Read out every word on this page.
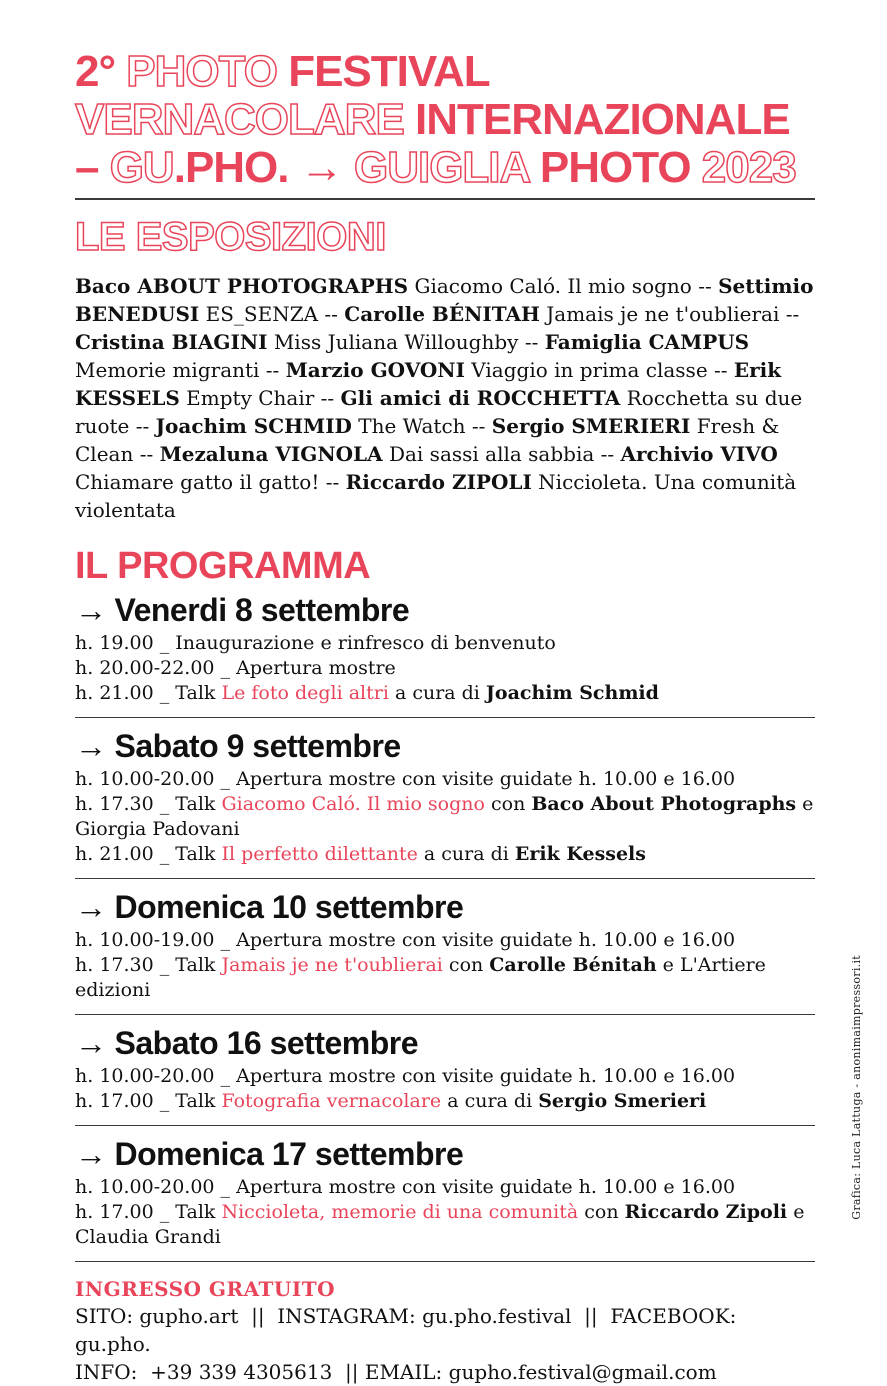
2° PHOTO FESTIVAL
VERNACOLARE INTERNAZIONALE
– GU.PHO. → GUIGLIA PHOTO 2023
LE ESPOSIZIONI

Baco ABOUT PHOTOGRAPHS Giacomo Caló. Il mio sogno -- Settimio BENEDUSI ES_SENZA -- Carolle BÉNITAH Jamais je ne t'oublierai -- Cristina BIAGINI Miss Juliana Willoughby -- Famiglia CAMPUS Memorie migranti -- Marzio GOVONI Viaggio in prima classe -- Erik KESSELS Empty Chair -- Gli amici di ROCCHETTA Rocchetta su due ruote -- Joachim SCHMID The Watch -- Sergio SMERIERI Fresh & Clean -- Mezaluna VIGNOLA Dai sassi alla sabbia -- Archivio VIVO Chiamare gatto il gatto! -- Riccardo ZIPOLI Niccioleta. Una comunità violentata

IL PROGRAMMA
→ Venerdi 8 settembre

h. 19.00 _ Inaugurazione e rinfresco di benvenuto

h. 20.00-22.00 _ Apertura mostre

h. 21.00 _ Talk Le foto degli altri a cura di Joachim Schmid

→ Sabato 9 settembre

h. 10.00-20.00 _ Apertura mostre con visite guidate h. 10.00 e 16.00

h. 17.30 _ Talk Giacomo Caló. Il mio sogno con Baco About Photographs e Giorgia Padovani

h. 21.00 _ Talk Il perfetto dilettante a cura di Erik Kessels

→ Domenica 10 settembre

h. 10.00-19.00 _ Apertura mostre con visite guidate h. 10.00 e 16.00

h. 17.30 _ Talk Jamais je ne t'oublierai con Carolle Bénitah e L'Artiere edizioni

→ Sabato 16 settembre

h. 10.00-20.00 _ Apertura mostre con visite guidate h. 10.00 e 16.00

h. 17.00 _ Talk Fotografia vernacolare a cura di Sergio Smerieri

→ Domenica 17 settembre

h. 10.00-20.00 _ Apertura mostre con visite guidate h. 10.00 e 16.00

h. 17.00 _ Talk Niccioleta, memorie di una comunità con Riccardo Zipoli e Claudia Grandi

INGRESSO GRATUITO

SITO: gupho.art  ||  INSTAGRAM: gu.pho.festival  ||  FACEBOOK: gu.pho.

INFO:  +39 339 4305613  || EMAIL: gupho.festival@gmail.com

Grafica: Luca Lattuga - anonimaimpressori.it
